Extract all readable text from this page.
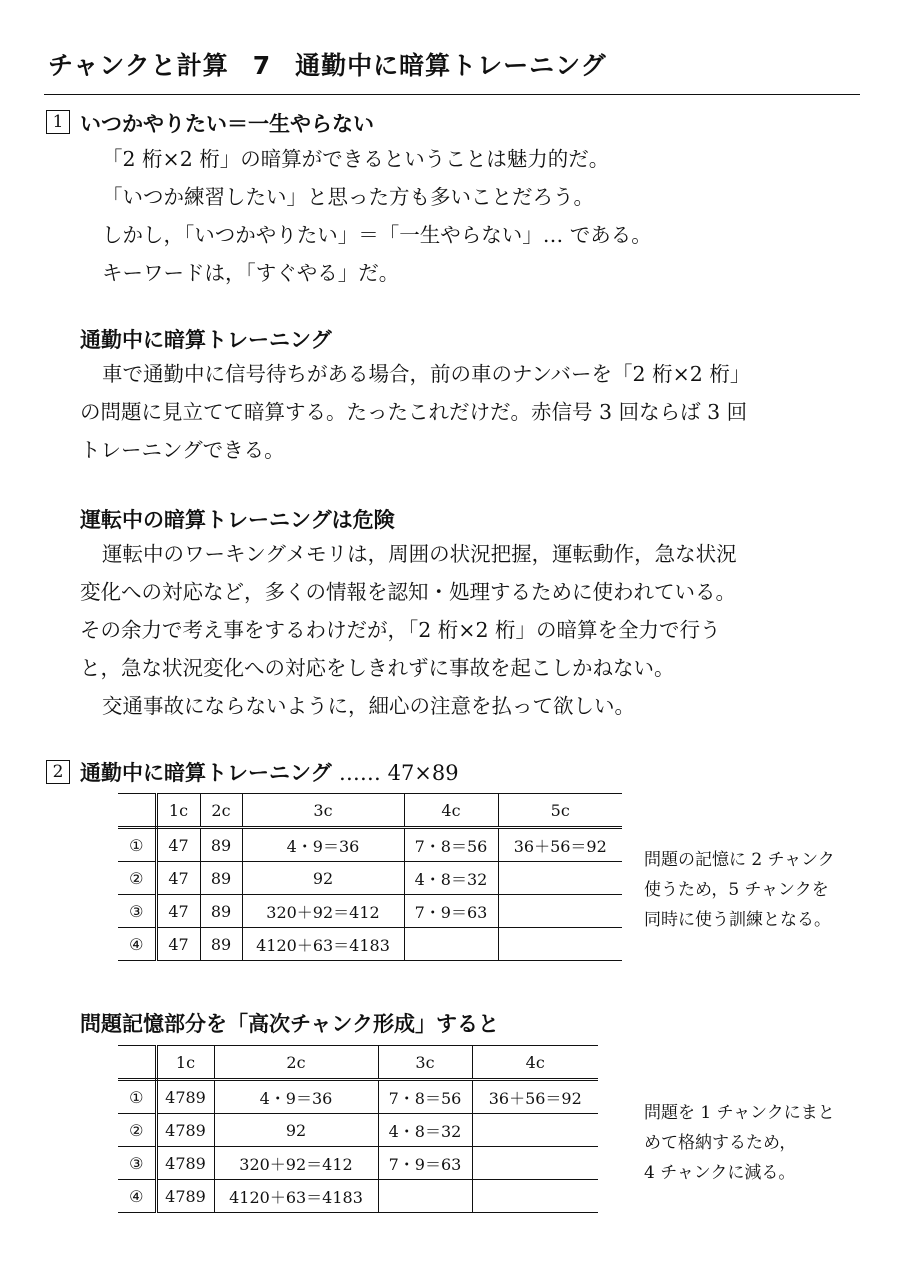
チャンクと計算 7 通勤中に暗算トレーニング
1 いつかやりたい＝一生やらない
「2 桁×2 桁」の暗算ができるということは魅力的だ。
「いつか練習したい」と思った方も多いことだろう。
しかし，「いつかやりたい」＝「一生やらない」… である。
キーワードは，「すぐやる」だ。
通勤中に暗算トレーニング
車で通勤中に信号待ちがある場合，前の車のナンバーを「2 桁×2 桁」
の問題に見立てて暗算する。たったこれだけだ。赤信号 3 回ならば 3 回
トレーニングできる。
運転中の暗算トレーニングは危険
運転中のワーキングメモリは，周囲の状況把握，運転動作，急な状況
変化への対応など，多くの情報を認知・処理するために使われている。
その余力で考え事をするわけだが，「2 桁×2 桁」の暗算を全力で行う
と，急な状況変化への対応をしきれずに事故を起こしかねない。
交通事故にならないように，細心の注意を払って欲しい。
2 通勤中に暗算トレーニング …… 47×89
	1c	2c	3c	4c	5c
①	47	89	4・9＝36	7・8＝56	36＋56＝92
②	47	89	92	4・8＝32	
③	47	89	320＋92＝412	7・9＝63	
④	47	89	4120＋63＝4183		
問題の記憶に 2 チャンク
使うため，5 チャンクを
同時に使う訓練となる。
問題記憶部分を「高次チャンク形成」すると
	1c	2c	3c	4c
①	4789	4・9＝36	7・8＝56	36＋56＝92
②	4789	92	4・8＝32	
③	4789	320＋92＝412	7・9＝63	
④	4789	4120＋63＝4183		
問題を 1 チャンクにまと
めて格納するため，
4 チャンクに減る。
